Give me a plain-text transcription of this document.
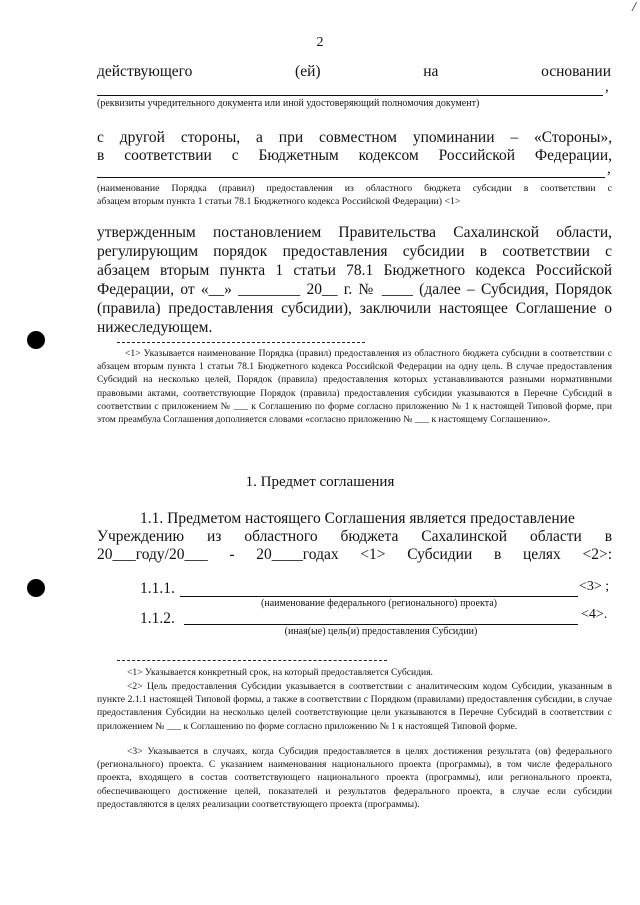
/
2
действующего	(ей)	на	основании
,
(реквизиты учредительного документа или иной удостоверяющий полномочия документ)
с другой стороны, а при совместном упоминании – «Стороны»,
в соответствии с Бюджетным кодексом Российской Федерации,
,
(наименование Порядка (правил) предоставления из областного бюджета субсидии в соответствии с
абзацем вторым пункта 1 статьи 78.1 Бюджетного кодекса Российской Федерации) <1>
утвержденным постановлением Правительства Сахалинской области,
регулирующим порядок предоставления субсидии в соответствии с
абзацем вторым пункта 1 статьи 78.1 Бюджетного кодекса Российской
Федерации, от «__» ________ 20__ г. № ____ (далее – Субсидия, Порядок
(правила) предоставления субсидии), заключили настоящее Соглашение о
нижеследующем.
<1> Указывается наименование Порядка (правил) предоставления из областного бюджета субсидии в соответствии с абзацем вторым пункта 1 статьи 78.1 Бюджетного кодекса Российской Федерации на одну цель. В случае предоставления Субсидий на несколько целей, Порядок (правила) предоставления которых устанавливаются разными нормативными правовыми актами, соответствующие Порядок (правила) предоставления субсидии указываются в Перечне Субсидий в соответствии с приложением № ___ к Соглашению по форме согласно приложению № 1 к настоящей Типовой форме, при этом преамбула Соглашения дополняется словами «согласно приложению № ___ к настоящему Соглашению».
1. Предмет соглашения
1.1. Предметом настоящего Соглашения является предоставление
Учреждению из областного бюджета Сахалинской области в
20___году/20___ - 20____годах <1> Субсидии в целях <2>:
1.1.1.	<3> ;
(наименование федерального (регионального) проекта)
1.1.2.	<4>.
(иная(ые) цель(и) предоставления Субсидии)
<1> Указывается конкретный срок, на который предоставляется Субсидия.
<2> Цель предоставления Субсидии указывается в соответствии с аналитическим кодом Субсидии, указанным в пункте 2.1.1 настоящей Типовой формы, а также в соответствии с Порядком (правилами) предоставления субсидии, в случае предоставления Субсидии на несколько целей соответствующие цели указываются в Перечне Субсидий в соответствии с приложением № ___ к Соглашению по форме согласно приложению № 1 к настоящей Типовой форме.
<3> Указывается в случаях, когда Субсидия предоставляется в целях достижения результата (ов) федерального (регионального) проекта. С указанием наименования национального проекта (программы), в том числе федерального проекта, входящего в состав соответствующего национального проекта (программы), или регионального проекта, обеспечивающего достижение целей, показателей и результатов федерального проекта, в случае если субсидии предоставляются в целях реализации соответствующего проекта (программы).
